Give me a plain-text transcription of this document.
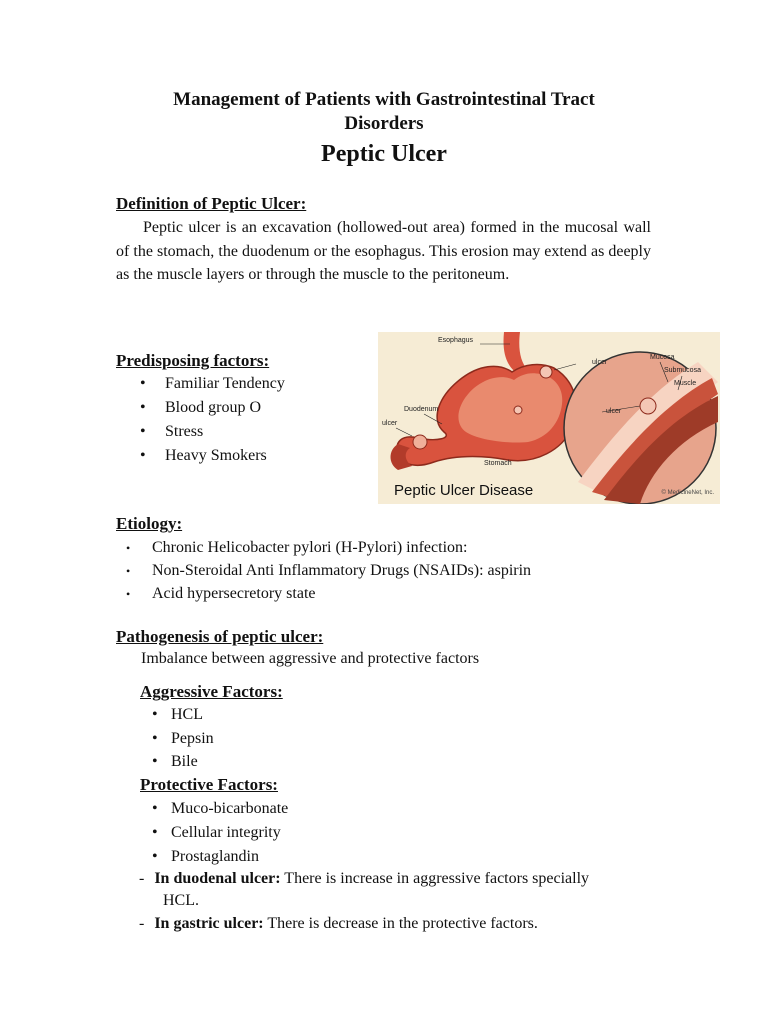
Management of Patients with Gastrointestinal Tract
Disorders
Peptic Ulcer
Definition of Peptic Ulcer:
Peptic ulcer is an excavation (hollowed-out area) formed in the mucosal wall of the stomach, the duodenum or the esophagus. This erosion may extend as deeply as the muscle layers or through the muscle to the peritoneum.
Predisposing factors:
• Familiar Tendency
• Blood group O
• Stress
• Heavy Smokers
Esophagus
ulcer
Mucosa
Submucosa
Muscle
Duodenum
ulcer
ulcer
Stomach
Peptic Ulcer Disease	© MedicineNet, Inc.
Etiology:
• Chronic Helicobacter pylori (H-Pylori) infection:
• Non-Steroidal Anti Inflammatory Drugs (NSAIDs): aspirin
• Acid hypersecretory state
Pathogenesis of peptic ulcer:
Imbalance between aggressive and protective factors
Aggressive Factors:
• HCL
• Pepsin
• Bile
Protective Factors:
• Muco-bicarbonate
• Cellular integrity
• Prostaglandin
- In duodenal ulcer: There is increase in aggressive factors specially
HCL.
- In gastric ulcer: There is decrease in the protective factors.
